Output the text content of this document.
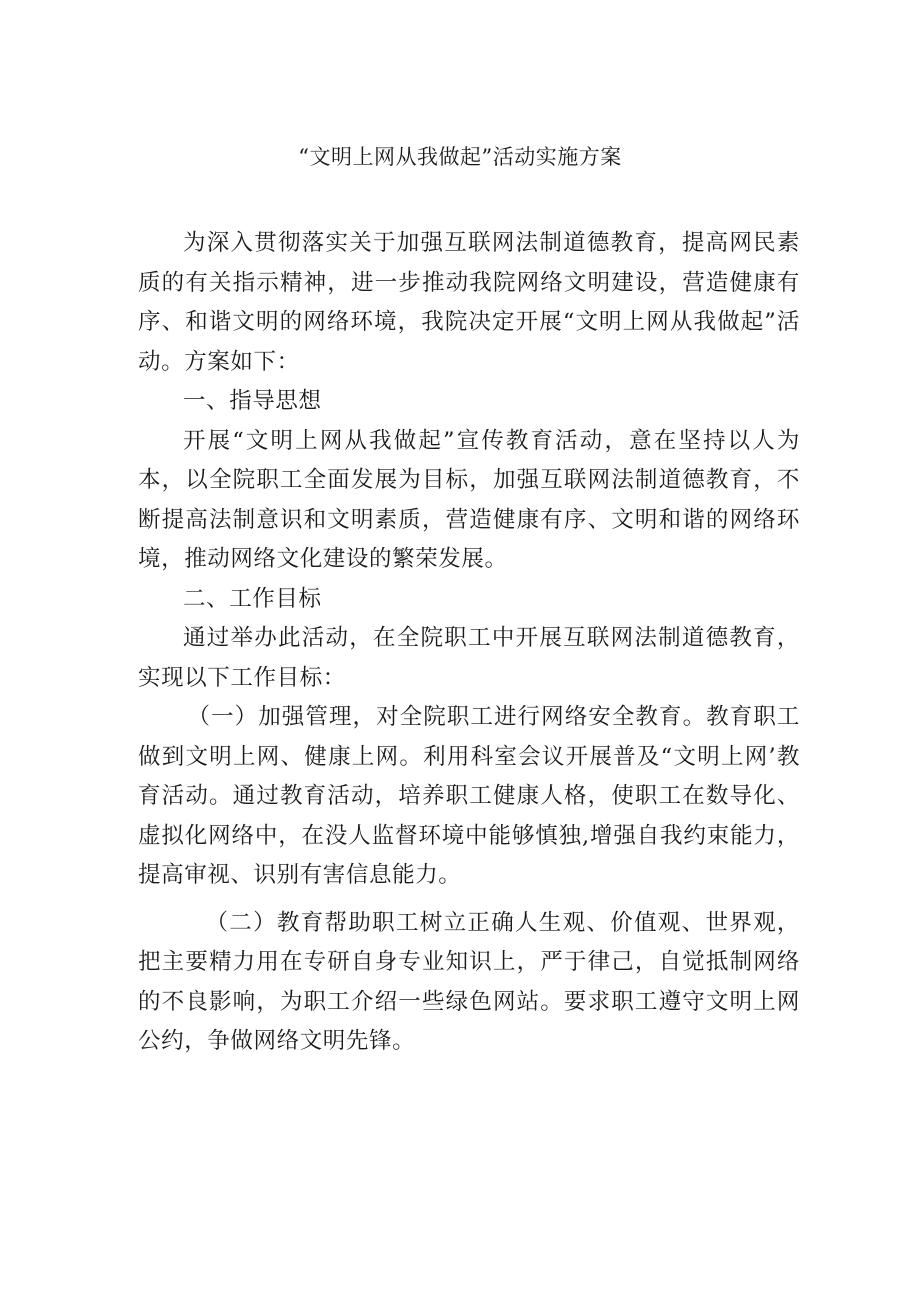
“文明上网从我做起”活动实施方案

为深入贯彻落实关于加强互联网法制道德教育，提高网民素质的有关指示精神，进一步推动我院网络文明建设，营造健康有序、和谐文明的网络环境，我院决定开展“文明上网从我做起”活动。方案如下：

一、指导思想

开展“文明上网从我做起”宣传教育活动，意在坚持以人为本，以全院职工全面发展为目标，加强互联网法制道德教育，不断提高法制意识和文明素质，营造健康有序、文明和谐的网络环境，推动网络文化建设的繁荣发展。

二、工作目标

通过举办此活动，在全院职工中开展互联网法制道德教育，实现以下工作目标：

（一）加强管理，对全院职工进行网络安全教育。教育职工做到文明上网、健康上网。利用科室会议开展普及“文明上网’教育活动。通过教育活动，培养职工健康人格，使职工在数导化、虚拟化网络中，在没人监督环境中能够慎独,增强自我约束能力，提高审视、识别有害信息能力。

（二）教育帮助职工树立正确人生观、价值观、世界观，把主要精力用在专研自身专业知识上，严于律己，自觉抵制网络的不良影响，为职工介绍一些绿色网站。要求职工遵守文明上网公约，争做网络文明先锋。
